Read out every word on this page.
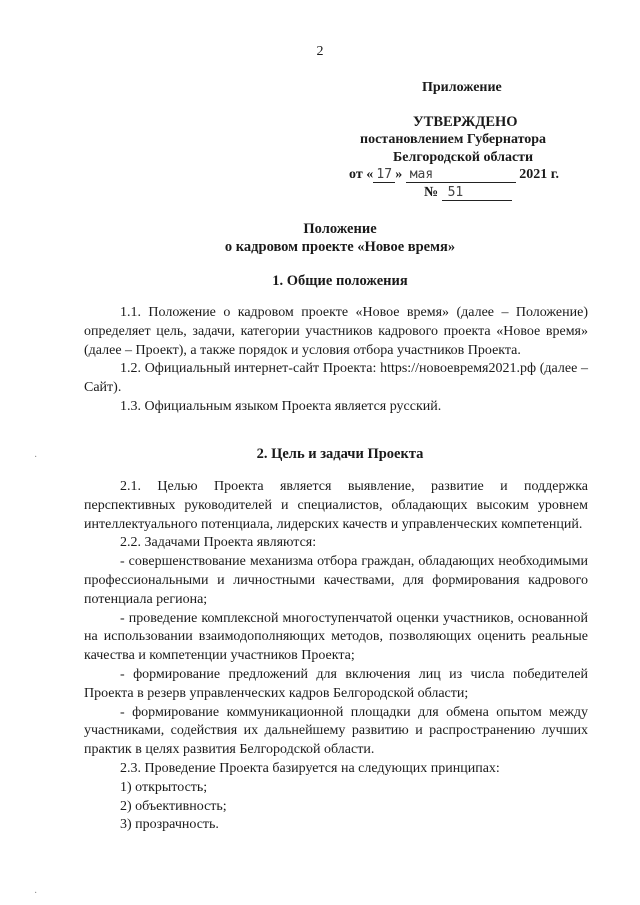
2
Приложение
УТВЕРЖДЕНО
постановлением Губернатора
Белгородской области
от « 17 » мая	2021 г.
№ 51
Положение
о кадровом проекте «Новое время»
1. Общие положения

1.1. Положение о кадровом проекте «Новое время» (далее – Положение) определяет цель, задачи, категории участников кадрового проекта «Новое время» (далее – Проект), а также порядок и условия отбора участников Проекта.

1.2. Официальный интернет-сайт Проекта: https://новоевремя2021.рф (далее – Сайт).

1.3. Официальным языком Проекта является русский.

2. Цель и задачи Проекта

2.1. Целью Проекта является выявление, развитие и поддержка перспективных руководителей и специалистов, обладающих высоким уровнем интеллектуального потенциала, лидерских качеств и управленческих компетенций.

2.2. Задачами Проекта являются:

- совершенствование механизма отбора граждан, обладающих необходимыми профессиональными и личностными качествами, для формирования кадрового потенциала региона;

- проведение комплексной многоступенчатой оценки участников, основанной на использовании взаимодополняющих методов, позволяющих оценить реальные качества и компетенции участников Проекта;

- формирование предложений для включения лиц из числа победителей Проекта в резерв управленческих кадров Белгородской области;

- формирование коммуникационной площадки для обмена опытом между участниками, содействия их дальнейшему развитию и распространению лучших практик в целях развития Белгородской области.

2.3. Проведение Проекта базируется на следующих принципах:

1) открытость;

2) объективность;

3) прозрачность.

·
·
